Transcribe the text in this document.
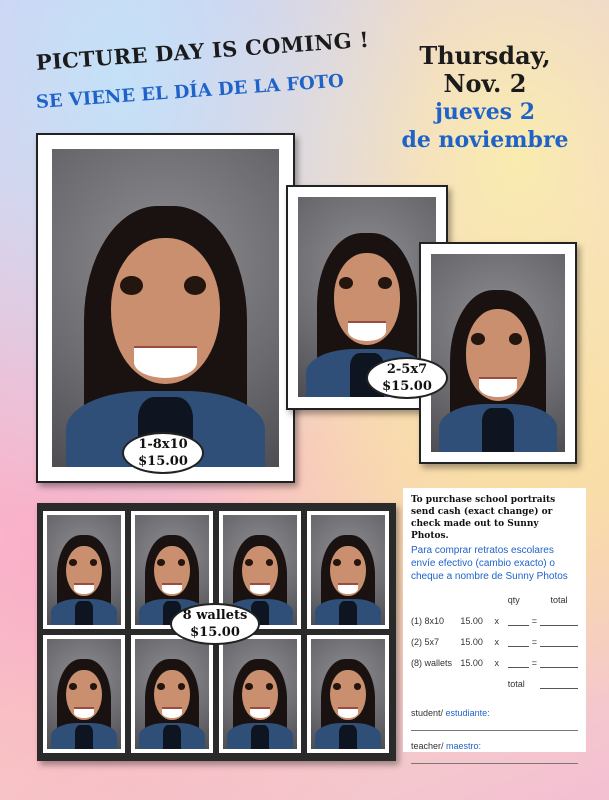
PICTURE DAY IS COMING !
SE VIENE EL DÍA DE LA FOTO
Thursday,
Nov. 2
jueves 2
de noviembre
1-8x10
$15.00
2-5x7
$15.00
8 wallets
$15.00

To purchase school portraits send cash (exact change) or check made out to Sunny Photos.

Para comprar retratos escolares envíe efectivo (cambio exacto) o cheque a nombre de Sunny Photos

qty	total
(1) 8x10	15.00	x	=
(2) 5x7	15.00	x	=
(8) wallets 15.00	x	=
total
student/ estudiante:
teacher/ maestro:
